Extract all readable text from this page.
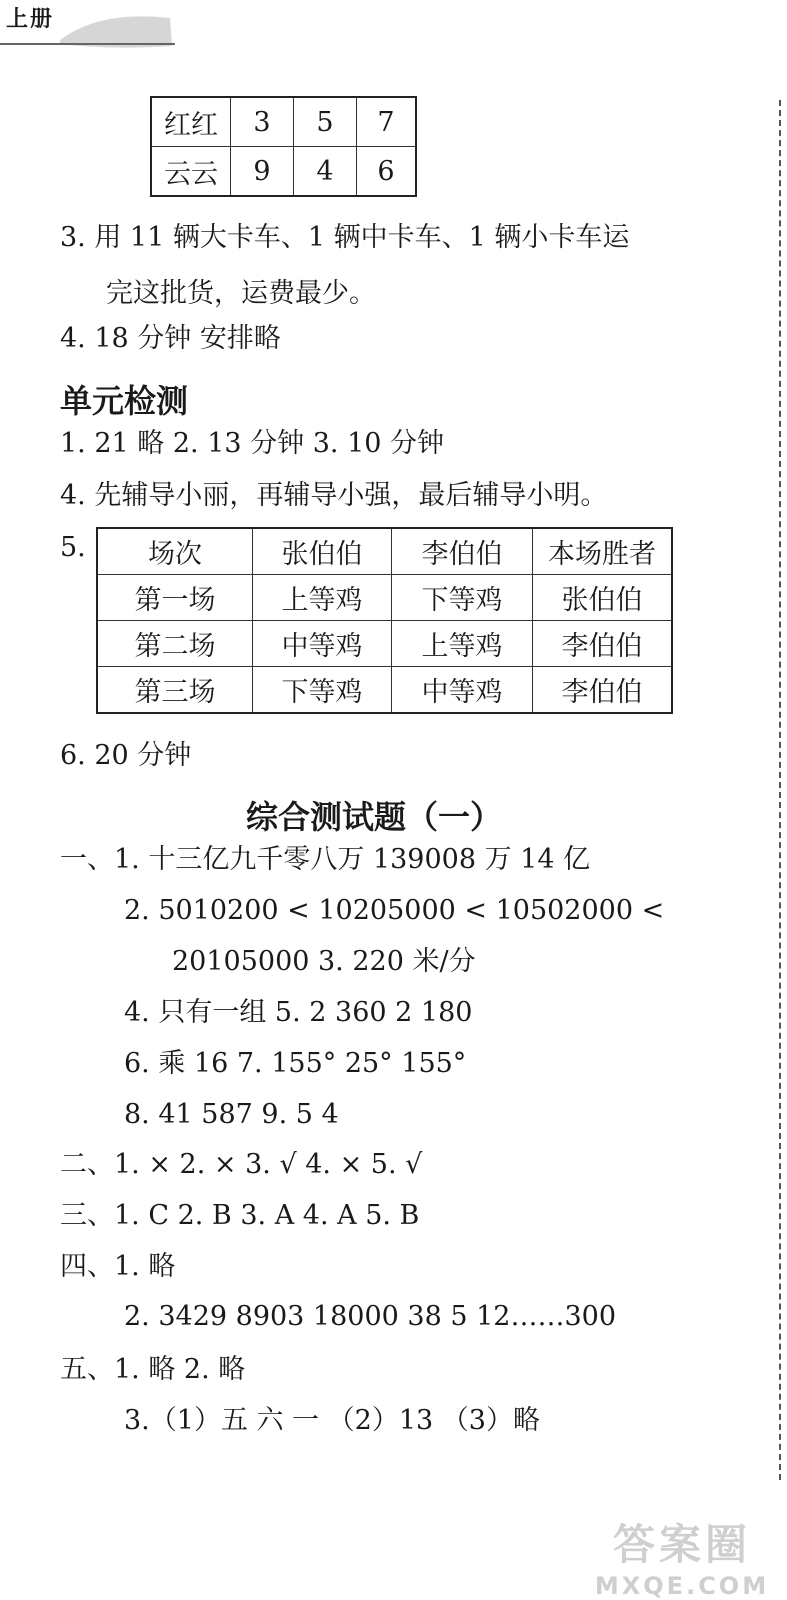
上册
红红	3	5	7
云云	9	4	6
3. 用 11 辆大卡车、1 辆中卡车、1 辆小卡车运
完这批货，运费最少。
4. 18 分钟 安排略
单元检测
1. 21 略 2. 13 分钟 3. 10 分钟
4. 先辅导小丽，再辅导小强，最后辅导小明。
5. 场次	张伯伯	李伯伯	本场胜者
第一场	上等鸡	下等鸡	张伯伯
第二场	中等鸡	上等鸡	李伯伯
第三场	下等鸡	中等鸡	李伯伯
6. 20 分钟
综合测试题（一）
一、1. 十三亿九千零八万 139008 万 14 亿
2. 5010200 < 10205000 < 10502000 <
20105000 3. 220 米/分
4. 只有一组 5. 2 360 2 180
6. 乘 16 7. 155° 25° 155°
8. 41 587 9. 5 4
二、1. × 2. × 3. √ 4. × 5. √
三、1. C 2. B 3. A 4. A 5. B
四、1. 略
2. 3429 8903 18000 38 5 12……300
五、1. 略 2. 略
3.（1）五 六 一 （2）13 （3）略
答案圈
MXQE.COM
